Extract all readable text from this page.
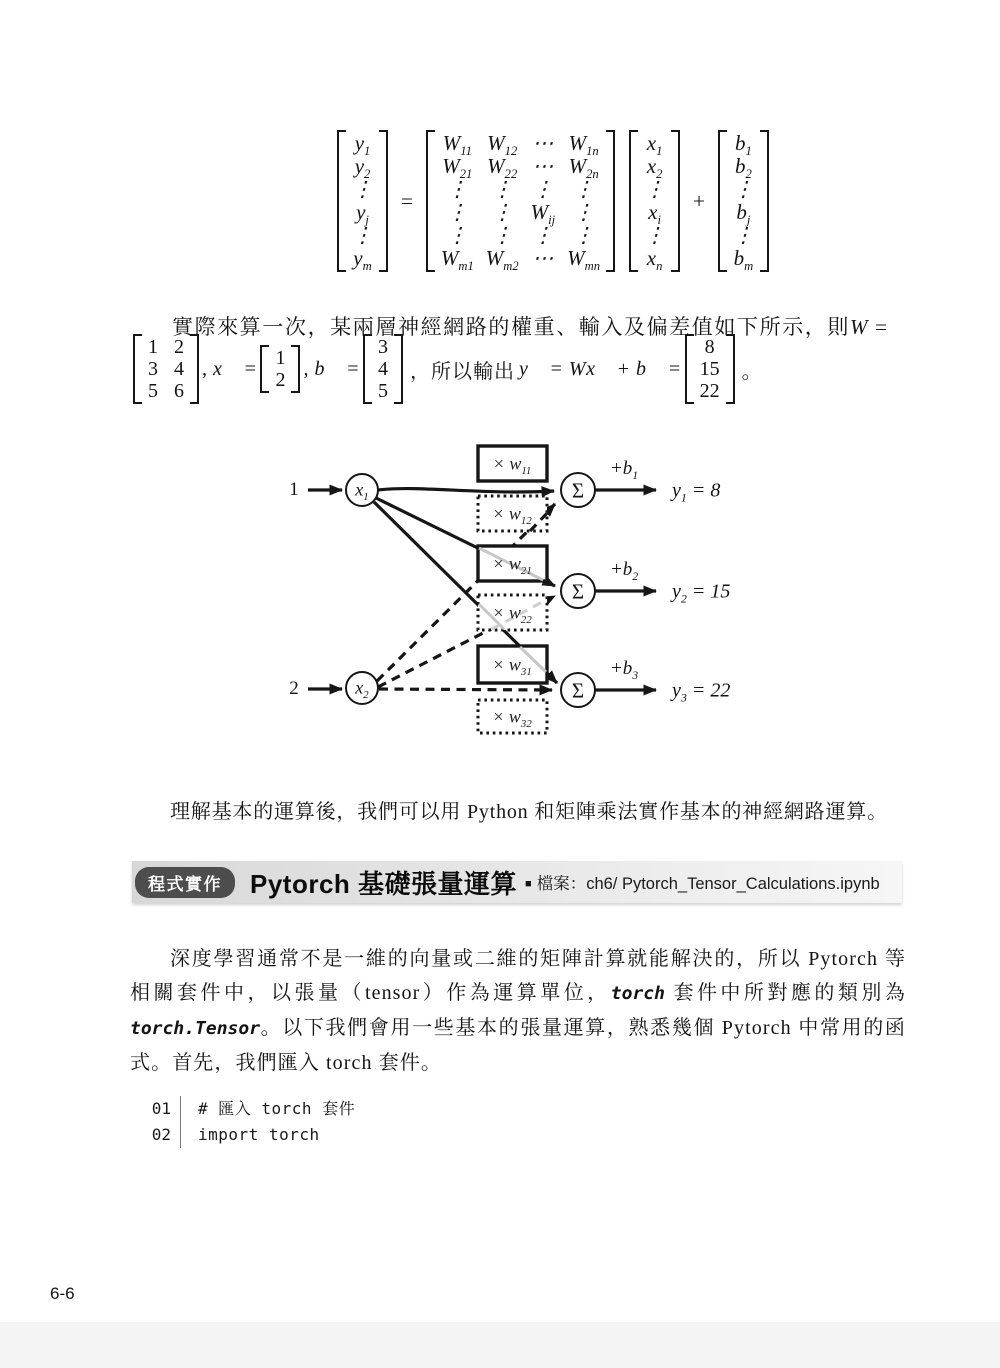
$y_1$
$y_2$
⋮
$y_j$
⋮
$y_m$
=
$W_{11}$ $W_{12}$ ⋯ $W_{1n}$
$W_{21}$ $W_{22}$ ⋯ $W_{2n}$
⋮ ⋮ ⋮ ⋮
⋮ ⋮ $W_{ij}$ ⋮
⋮ ⋮ ⋮ ⋮
$W_{m1}$ $W_{m2}$ ⋯ $W_{mn}$
$x_1$
$x_2$
⋮
$x_i$
⋮
$x_n$
+
$b_1$
$b_2$
⋮
$b_j$
⋮
$b_m$
實際來算一次，某兩層神經網路的權重、輸入及偏差值如下所示，則W =
1 2
3 4
5 6
, x⃗ = 1
2
, b⃗ =
3
4
5
，所以輸出 y⃗ = Wx⃗ + b⃗ =
8
15
22
。
1
2
$x_1$
$x_2$
Σ
Σ
Σ
× $w_{11}$
× $w_{12}$
× $w_{21}$
× $w_{22}$
× $w_{31}$
× $w_{32}$
$+b_1$
$+b_2$
$+b_3$
$y_1 = 8$
$y_2 = 15$
$y_3 = 22$
理解基本的運算後，我們可以用 Python 和矩陣乘法實作基本的神經網路運算。
程式實作	Pytorch 基礎張量運算 ■ 檔案：ch6/ Pytorch_Tensor_Calculations.ipynb
深度學習通常不是一維的向量或二維的矩陣計算就能解決的，所以 Pytorch 等相關套件中，以張量（tensor）作為運算單位，torch 套件中所對應的類別為 torch.Tensor。以下我們會用一些基本的張量運算，熟悉幾個 Pytorch 中常用的函式。首先，我們匯入 torch 套件。
01	# 匯入 torch 套件
02	import torch
6-6
